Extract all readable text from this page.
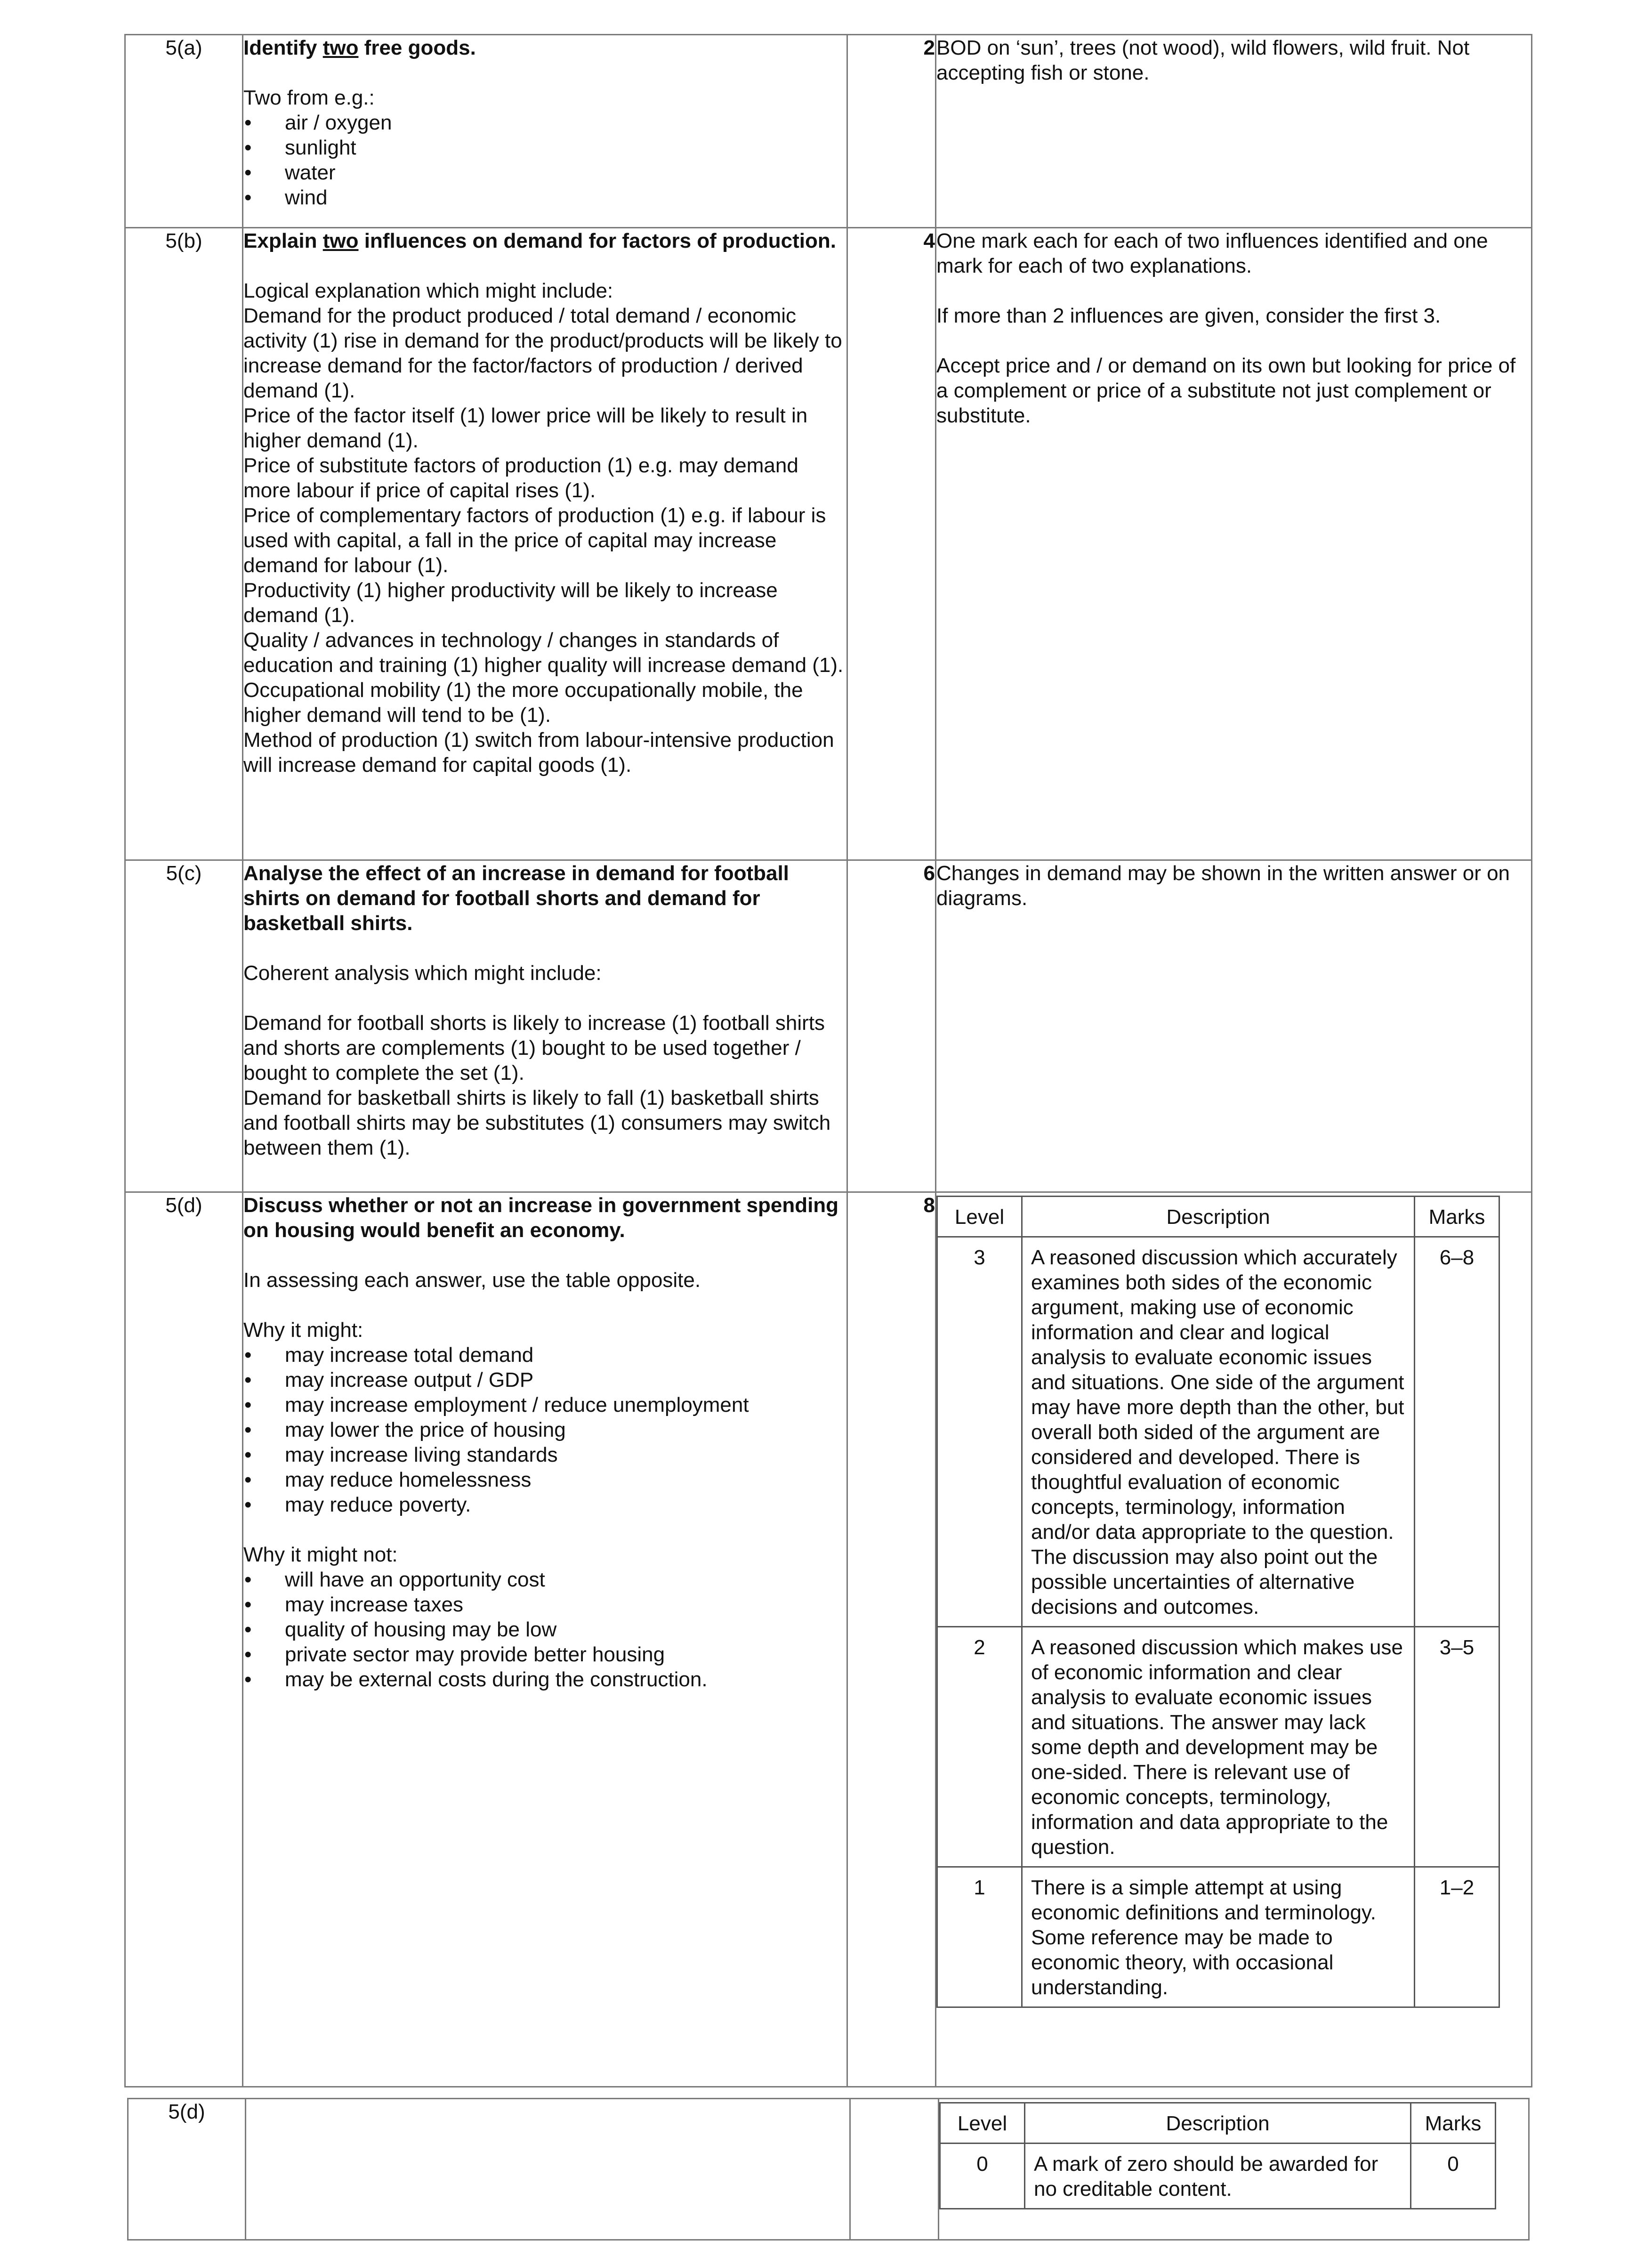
5(a)	Identify two free goods.

Two from e.g.:

• air / oxygen
• sunlight
• water
• wind
	2	BOD on ‘sun’, trees (not wood), wild flowers, wild fruit. Not accepting fish or stone.

5(b)	Explain two influences on demand for factors of production.

Logical explanation which might include:

Demand for the product produced / total demand / economic activity (1) rise in demand for the product/products will be likely to increase demand for the factor/factors of production / derived demand (1).

Price of the factor itself (1) lower price will be likely to result in higher demand (1).

Price of substitute factors of production (1) e.g. may demand more labour if price of capital rises (1).

Price of complementary factors of production (1) e.g. if labour is used with capital, a fall in the price of capital may increase demand for labour (1).

Productivity (1) higher productivity will be likely to increase demand (1).

Quality / advances in technology / changes in standards of education and training (1) higher quality will increase demand (1).

Occupational mobility (1) the more occupationally mobile, the higher demand will tend to be (1).

Method of production (1) switch from labour-intensive production will increase demand for capital goods (1).

	4	One mark each for each of two influences identified and one mark for each of two explanations.

If more than 2 influences are given, consider the first 3.

Accept price and / or demand on its own but looking for price of a complement or price of a substitute not just complement or substitute.

5(c)	Analyse the effect of an increase in demand for football shirts on demand for football shorts and demand for basketball shirts.

Coherent analysis which might include:

Demand for football shorts is likely to increase (1) football shirts and shorts are complements (1) bought to be used together / bought to complete the set (1).

Demand for basketball shirts is likely to fall (1) basketball shirts and football shirts may be substitutes (1) consumers may switch between them (1).

	6	Changes in demand may be shown in the written answer or on diagrams.

5(d)	Discuss whether or not an increase in government spending on housing would benefit an economy.

In assessing each answer, use the table opposite.

Why it might:

• may increase total demand
• may increase output / GDP
• may increase employment / reduce unemployment
• may lower the price of housing
• may increase living standards
• may reduce homelessness
• may reduce poverty.

Why it might not:

• will have an opportunity cost
• may increase taxes
• quality of housing may be low
• private sector may provide better housing
• may be external costs during the construction.
	8	
Level	Description	Marks
3	A reasoned discussion which accurately examines both sides of the economic argument, making use of economic information and clear and logical analysis to evaluate economic issues and situations. One side of the argument may have more depth than the other, but overall both sided of the argument are considered and developed. There is thoughtful evaluation of economic concepts, terminology, information and/or data appropriate to the question. The discussion may also point out the possible uncertainties of alternative decisions and outcomes.	6–8
2	A reasoned discussion which makes use of economic information and clear analysis to evaluate economic issues and situations. The answer may lack some depth and development may be one-sided. There is relevant use of economic concepts, terminology, information and data appropriate to the question.	3–5
1	There is a simple attempt at using economic definitions and terminology. Some reference may be made to economic theory, with occasional understanding.	1–2
5(d)			
Level	Description	Marks
0	A mark of zero should be awarded for no creditable content.	0
